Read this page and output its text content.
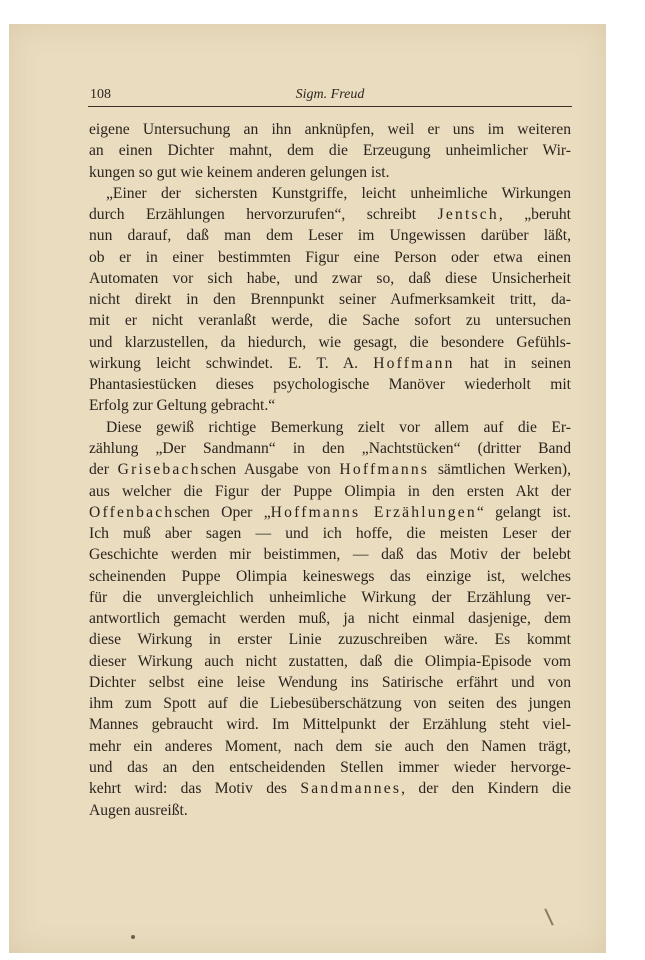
108	Sigm. Freud
eigene Untersuchung an ihn anknüpfen, weil er uns im weiteren
an einen Dichter mahnt, dem die Erzeugung unheimlicher Wir-
kungen so gut wie keinem anderen gelungen ist.
„Einer der sichersten Kunstgriffe, leicht unheimliche Wirkungen
durch Erzählungen hervorzurufen“, schreibt Jentsch, „beruht
nun darauf, daß man dem Leser im Ungewissen darüber läßt,
ob er in einer bestimmten Figur eine Person oder etwa einen
Automaten vor sich habe, und zwar so, daß diese Unsicherheit
nicht direkt in den Brennpunkt seiner Aufmerksamkeit tritt, da-
mit er nicht veranlaßt werde, die Sache sofort zu untersuchen
und klarzustellen, da hiedurch, wie gesagt, die besondere Gefühls-
wirkung leicht schwindet. E. T. A. Hoffmann hat in seinen
Phantasiestücken dieses psychologische Manöver wiederholt mit
Erfolg zur Geltung gebracht.“
Diese gewiß richtige Bemerkung zielt vor allem auf die Er-
zählung „Der Sandmann“ in den „Nachtstücken“ (dritter Band
der Grisebachschen Ausgabe von Hoffmanns sämtlichen Werken),
aus welcher die Figur der Puppe Olimpia in den ersten Akt der
Offenbachschen Oper „Hoffmanns Erzählungen“ gelangt ist.
Ich muß aber sagen — und ich hoffe, die meisten Leser der
Geschichte werden mir beistimmen, — daß das Motiv der belebt
scheinenden Puppe Olimpia keineswegs das einzige ist, welches
für die unvergleichlich unheimliche Wirkung der Erzählung ver-
antwortlich gemacht werden muß, ja nicht einmal dasjenige, dem
diese Wirkung in erster Linie zuzuschreiben wäre. Es kommt
dieser Wirkung auch nicht zustatten, daß die Olimpia-Episode vom
Dichter selbst eine leise Wendung ins Satirische erfährt und von
ihm zum Spott auf die Liebesüberschätzung von seiten des jungen
Mannes gebraucht wird. Im Mittelpunkt der Erzählung steht viel-
mehr ein anderes Moment, nach dem sie auch den Namen trägt,
und das an den entscheidenden Stellen immer wieder hervorge-
kehrt wird: das Motiv des Sandmannes, der den Kindern die
Augen ausreißt.
